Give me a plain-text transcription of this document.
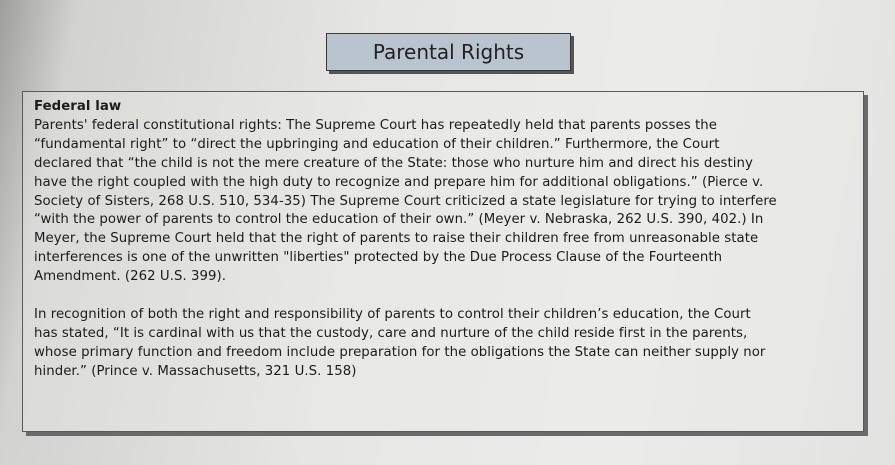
Parental Rights

Federal law

Parents' federal constitutional rights: The Supreme Court has repeatedly held that parents posses the

“fundamental right” to “direct the upbringing and education of their children.” Furthermore, the Court

declared that “the child is not the mere creature of the State: those who nurture him and direct his destiny

have the right coupled with the high duty to recognize and prepare him for additional obligations.” (Pierce v.

Society of Sisters, 268 U.S. 510, 534-35) The Supreme Court criticized a state legislature for trying to interfere

“with the power of parents to control the education of their own.” (Meyer v. Nebraska, 262 U.S. 390, 402.) In

Meyer, the Supreme Court held that the right of parents to raise their children free from unreasonable state

interferences is one of the unwritten "liberties" protected by the Due Process Clause of the Fourteenth

Amendment. (262 U.S. 399).

In recognition of both the right and responsibility of parents to control their children’s education, the Court

has stated, “It is cardinal with us that the custody, care and nurture of the child reside first in the parents,

whose primary function and freedom include preparation for the obligations the State can neither supply nor

hinder.” (Prince v. Massachusetts, 321 U.S. 158)
